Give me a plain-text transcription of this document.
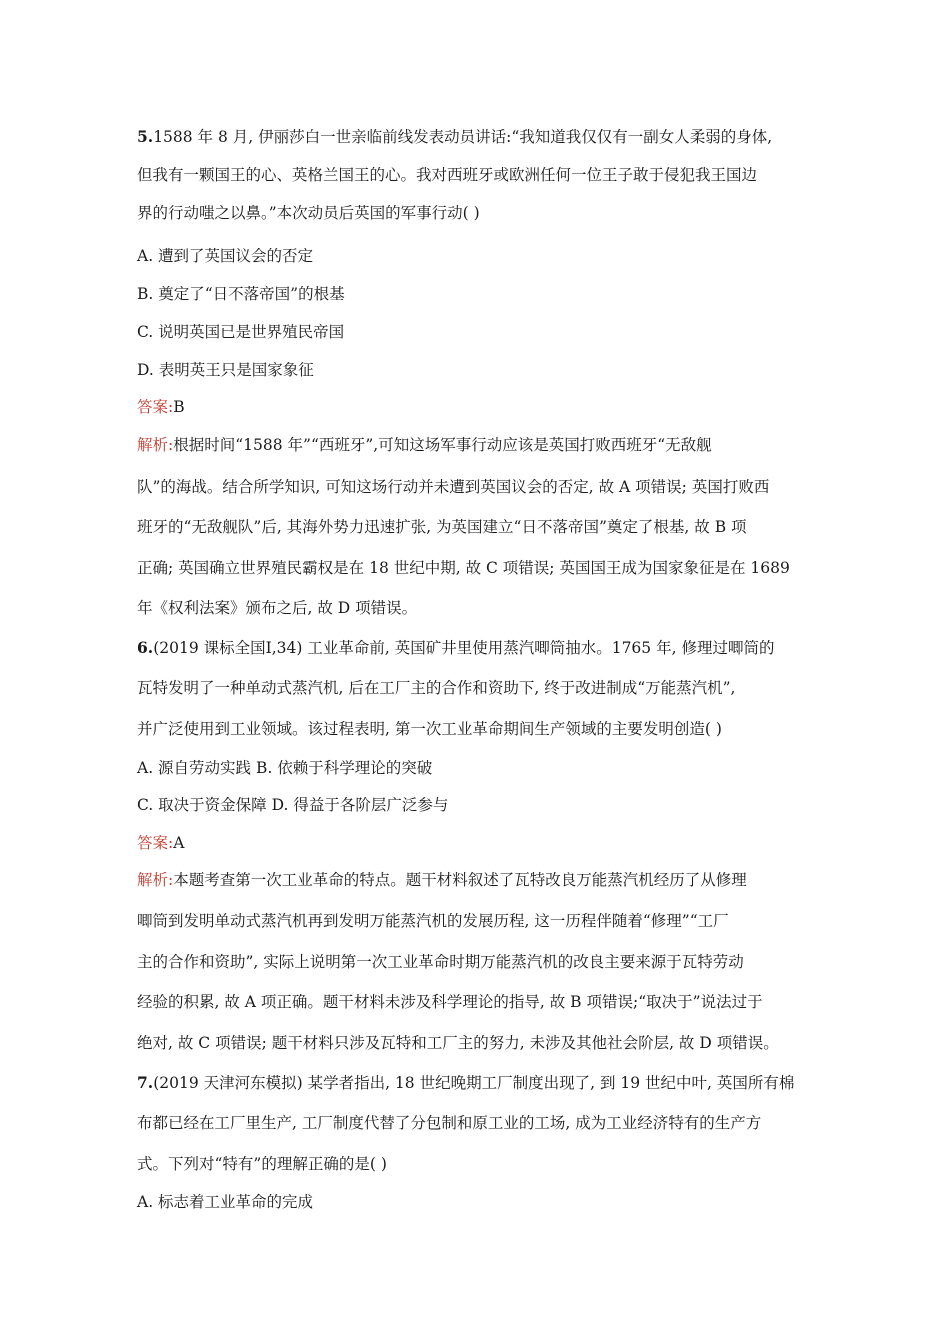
5.1588 年 8 月, 伊丽莎白一世亲临前线发表动员讲话:“我知道我仅仅有一副女人柔弱的身体,
但我有一颗国王的心、英格兰国王的心。我对西班牙或欧洲任何一位王子敢于侵犯我王国边
界的行动嗤之以鼻。”本次动员后英国的军事行动( )
A. 遭到了英国议会的否定
B. 奠定了“日不落帝国”的根基
C. 说明英国已是世界殖民帝国
D. 表明英王只是国家象征
答案:B
解析:根据时间“1588 年”“西班牙”,可知这场军事行动应该是英国打败西班牙“无敌舰
队”的海战。结合所学知识, 可知这场行动并未遭到英国议会的否定, 故 A 项错误; 英国打败西
班牙的“无敌舰队”后, 其海外势力迅速扩张, 为英国建立“日不落帝国”奠定了根基, 故 B 项
正确; 英国确立世界殖民霸权是在 18 世纪中期, 故 C 项错误; 英国国王成为国家象征是在 1689
年《权利法案》颁布之后, 故 D 项错误。
6.(2019 课标全国Ⅰ,34) 工业革命前, 英国矿井里使用蒸汽唧筒抽水。1765 年, 修理过唧筒的
瓦特发明了一种单动式蒸汽机, 后在工厂主的合作和资助下, 终于改进制成“万能蒸汽机”,
并广泛使用到工业领域。该过程表明, 第一次工业革命期间生产领域的主要发明创造( )
A. 源自劳动实践 B. 依赖于科学理论的突破
C. 取决于资金保障 D. 得益于各阶层广泛参与
答案:A
解析:本题考查第一次工业革命的特点。题干材料叙述了瓦特改良万能蒸汽机经历了从修理
唧筒到发明单动式蒸汽机再到发明万能蒸汽机的发展历程, 这一历程伴随着“修理”“工厂
主的合作和资助”, 实际上说明第一次工业革命时期万能蒸汽机的改良主要来源于瓦特劳动
经验的积累, 故 A 项正确。题干材料未涉及科学理论的指导, 故 B 项错误;“取决于”说法过于
绝对, 故 C 项错误; 题干材料只涉及瓦特和工厂主的努力, 未涉及其他社会阶层, 故 D 项错误。
7.(2019 天津河东模拟) 某学者指出, 18 世纪晚期工厂制度出现了, 到 19 世纪中叶, 英国所有棉
布都已经在工厂里生产, 工厂制度代替了分包制和原工业的工场, 成为工业经济特有的生产方
式。下列对“特有”的理解正确的是( )
A. 标志着工业革命的完成
